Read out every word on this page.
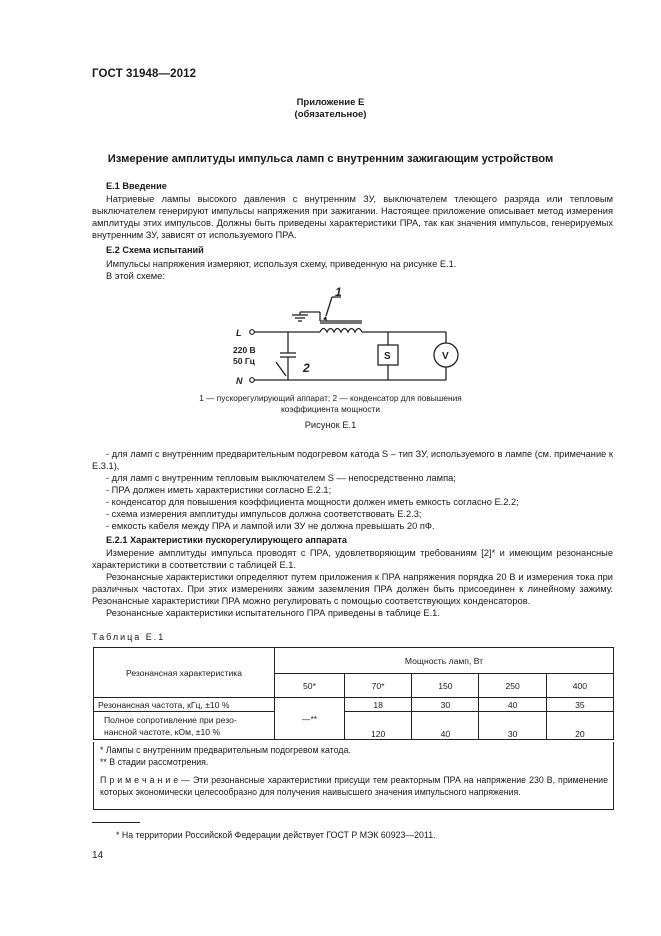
ГОСТ 31948—2012
Приложение Е
(обязательное)
Измерение амплитуды импульса ламп с внутренним зажигающим устройством
Е.1 Введение
Натриевые лампы высокого давления с внутренним ЗУ, выключателем тлеющего разряда или тепловым выключателем генерируют импульсы напряжения при зажигании. Настоящее приложение описывает метод измерения амплитуды этих импульсов. Должны быть приведены характеристики ПРА, так как значения импульсов, генерируемых внутренним ЗУ, зависят от используемого ПРА.
Е.2 Схема испытаний
Импульсы напряжения измеряют, используя схему, приведенную на рисунке Е.1.
В этой схеме:
1
2
L
220 В
50 Гц
N
S	V
1 — пускорегулирующий аппарат; 2 — конденсатор для повышения
коэффициента мощности
Рисунок Е.1
- для ламп с внутренним предварительным подогревом катода S – тип ЗУ, используемого в лампе (см. примечание к Е.3.1),
- для ламп с внутренним тепловым выключателем S — непосредственно лампа;
- ПРА должен иметь характеристики согласно Е.2.1;
- конденсатор для повышения коэффициента мощности должен иметь емкость согласно Е.2.2;
- схема измерения амплитуды импульсов должна соответствовать Е.2.3;
- емкость кабеля между ПРА и лампой или ЗУ не должна превышать 20 пФ.
Е.2.1 Характеристики пускорегулирующего аппарата
Измерение амплитуды импульса проводят с ПРА, удовлетворяющим требованиям [2]* и имеющим резонансные характеристики в соответствии с таблицей Е.1.
Резонансные характеристики определяют путем приложения к ПРА напряжения порядка 20 В и измерения тока при различных частотах. При этих измерениях зажим заземления ПРА должен быть присоединен к линейному зажиму. Резонансные характеристики ПРА можно регулировать с помощью соответствующих конденсаторов.
Резонансные характеристики испытательного ПРА приведены в таблице Е.1.
Таблица Е.1
Резонансная характеристика	Мощность ламп, Вт				
	50*	70*	150	250	400
Резонансная частота, кГц, ±10 %	—**	18	30	40	35

Полное сопротивление при резо-
нансной частоте, кОм, ±10 %		120	40	30	20
* Лампы с внутренним предварительным подогревом катода.
** В стадии рассмотрения.
П р и м е ч а н и е — Эти резонансные характеристики присущи тем реакторным ПРА на напряжение 230 В, применение которых экономически целесообразно для получения наивысшего значения импульсного напряжения.
* На территории Российской Федерации действует ГОСТ Р МЭК 60923—2011.
14
